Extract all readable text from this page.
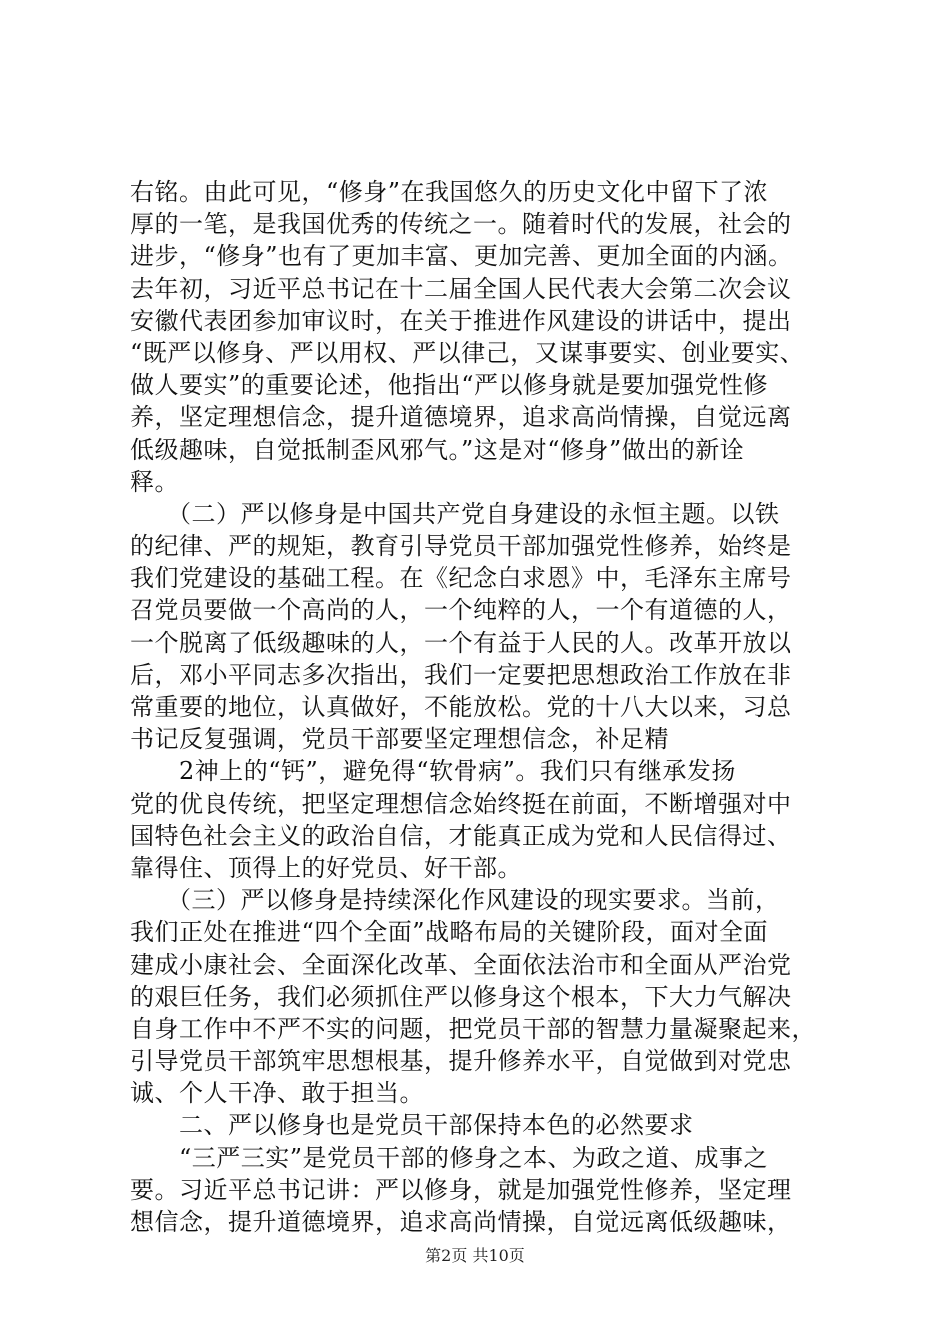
右铭。由此可见，“修身”在我国悠久的历史文化中留下了浓
厚的一笔，是我国优秀的传统之一。随着时代的发展，社会的
进步，“修身”也有了更加丰富、更加完善、更加全面的内涵。
去年初，习近平总书记在十二届全国人民代表大会第二次会议
安徽代表团参加审议时，在关于推进作风建设的讲话中，提出
“既严以修身、严以用权、严以律己，又谋事要实、创业要实、
做人要实”的重要论述，他指出“严以修身就是要加强党性修
养，坚定理想信念，提升道德境界，追求高尚情操，自觉远离
低级趣味，自觉抵制歪风邪气。”这是对“修身”做出的新诠
释。
　　（二）严以修身是中国共产党自身建设的永恒主题。以铁
的纪律、严的规矩，教育引导党员干部加强党性修养，始终是
我们党建设的基础工程。在《纪念白求恩》中，毛泽东主席号
召党员要做一个高尚的人，一个纯粹的人，一个有道德的人，
一个脱离了低级趣味的人，一个有益于人民的人。改革开放以
后，邓小平同志多次指出，我们一定要把思想政治工作放在非
常重要的地位，认真做好，不能放松。党的十八大以来，习总
书记反复强调，党员干部要坚定理想信念，补足精
　　2神上的“钙”，避免得“软骨病”。我们只有继承发扬
党的优良传统，把坚定理想信念始终挺在前面，不断增强对中
国特色社会主义的政治自信，才能真正成为党和人民信得过、
靠得住、顶得上的好党员、好干部。
　　（三）严以修身是持续深化作风建设的现实要求。当前，
我们正处在推进“四个全面”战略布局的关键阶段，面对全面
建成小康社会、全面深化改革、全面依法治市和全面从严治党
的艰巨任务，我们必须抓住严以修身这个根本，下大力气解决
自身工作中不严不实的问题，把党员干部的智慧力量凝聚起来，
引导党员干部筑牢思想根基，提升修养水平，自觉做到对党忠
诚、个人干净、敢于担当。
　　二、严以修身也是党员干部保持本色的必然要求
　　“三严三实”是党员干部的修身之本、为政之道、成事之
要。习近平总书记讲：严以修身，就是加强党性修养，坚定理
想信念，提升道德境界，追求高尚情操，自觉远离低级趣味，
第2页 共10页
